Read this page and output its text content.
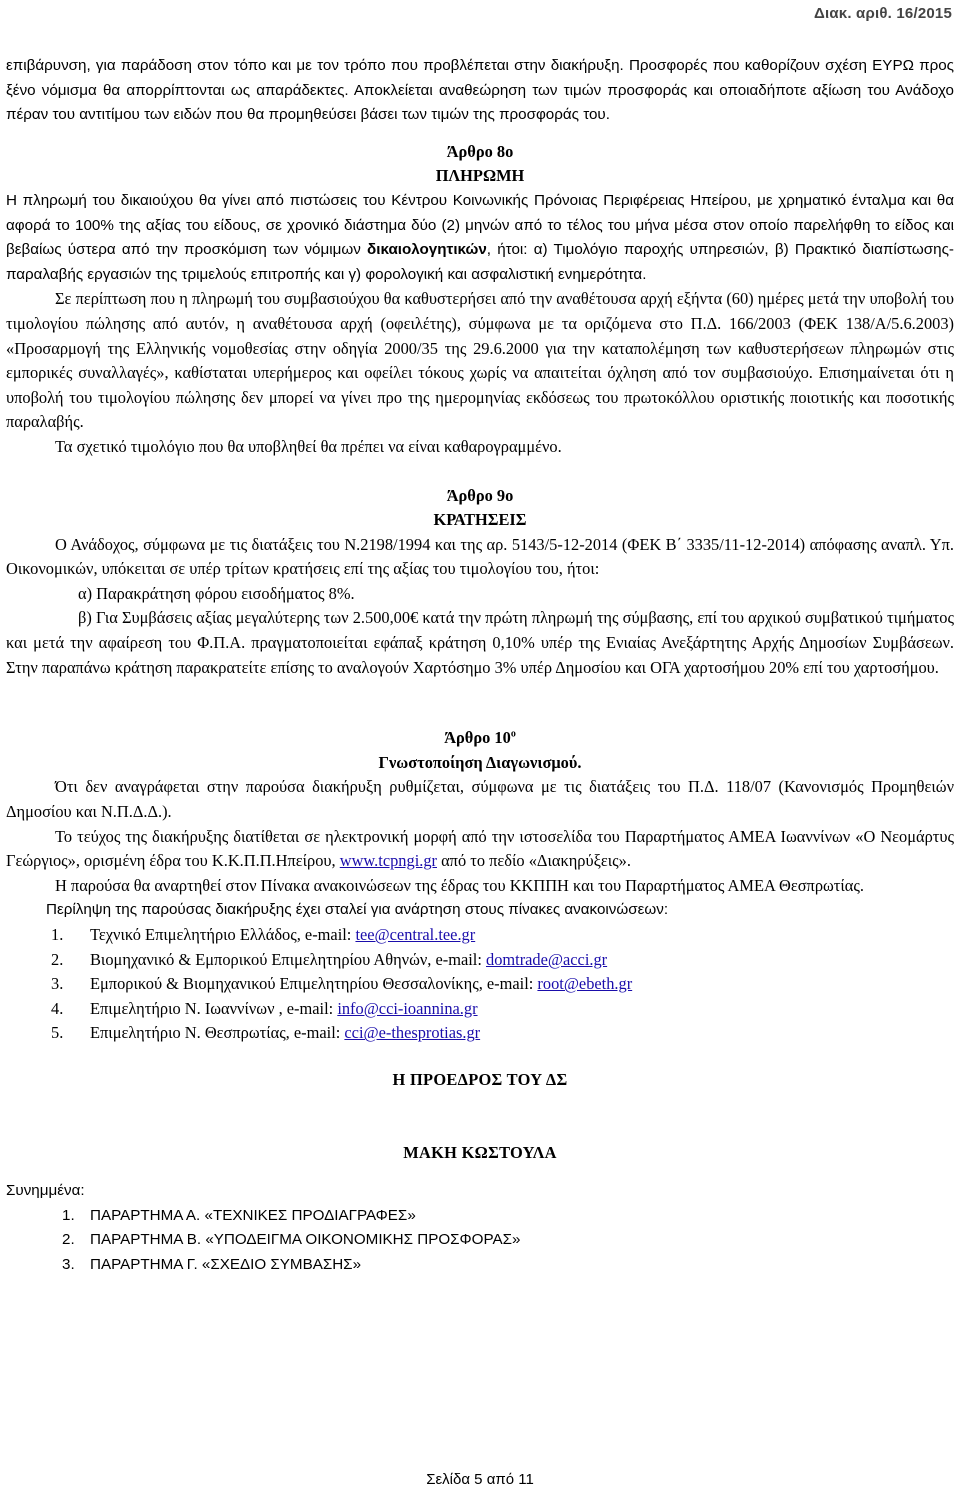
Διακ. αριθ. 16/2015

επιβάρυνση, για παράδοση στον τόπο και με τον τρόπο που προβλέπεται στην διακήρυξη. Προσφορές που καθορίζουν σχέση ΕΥΡΩ προς ξένο νόμισμα θα απορρίπτονται ως απαράδεκτες. Αποκλείεται αναθεώρηση των τιμών προσφοράς και οποιαδήποτε αξίωση του Ανάδοχο πέραν του αντιτίμου των ειδών που θα προμηθεύσει βάσει των τιμών της προσφοράς του.

Άρθρο 8ο

ΠΛΗΡΩΜΗ

Η πληρωμή του δικαιούχου θα γίνει από πιστώσεις του Κέντρου Κοινωνικής Πρόνοιας Περιφέρειας Ηπείρου, με χρηματικό ένταλμα και θα αφορά το 100% της αξίας του είδους, σε χρονικό διάστημα δύο (2) μηνών από το τέλος του μήνα μέσα στον οποίο παρελήφθη το είδος και βεβαίως ύστερα από την προσκόμιση των νόμιμων δικαιολογητικών, ήτοι: α) Τιμολόγιο παροχής υπηρεσιών, β) Πρακτικό διαπίστωσης- παραλαβής εργασιών της τριμελούς επιτροπής και γ) φορολογική και ασφαλιστική ενημερότητα.

Σε περίπτωση που η πληρωμή του συμβασιούχου θα καθυστερήσει από την αναθέτουσα αρχή εξήντα (60) ημέρες μετά την υποβολή του τιμολογίου πώλησης από αυτόν, η αναθέτουσα αρχή (οφειλέτης), σύμφωνα με τα οριζόμενα στο Π.Δ. 166/2003 (ΦΕΚ 138/Α/5.6.2003) «Προσαρμογή της Ελληνικής νομοθεσίας στην οδηγία 2000/35 της 29.6.2000 για την καταπολέμηση των καθυστερήσεων πληρωμών στις εμπορικές συναλλαγές», καθίσταται υπερήμερος και οφείλει τόκους χωρίς να απαιτείται όχληση από τον συμβασιούχο. Επισημαίνεται ότι η υποβολή του τιμολογίου πώλησης δεν μπορεί να γίνει προ της ημερομηνίας εκδόσεως του πρωτοκόλλου οριστικής ποιοτικής και ποσοτικής παραλαβής.

Τα σχετικό τιμολόγιο που θα υποβληθεί θα πρέπει να είναι καθαρογραμμένο.

Άρθρο 9ο

ΚΡΑΤΗΣΕΙΣ

Ο Ανάδοχος, σύμφωνα με τις διατάξεις του Ν.2198/1994 και της αρ. 5143/5-12-2014 (ΦΕΚ Β΄ 3335/11-12-2014) απόφασης αναπλ. Υπ. Οικονομικών, υπόκειται σε υπέρ τρίτων κρατήσεις επί της αξίας του τιμολογίου του, ήτοι:

α) Παρακράτηση φόρου εισοδήματος 8%.

β) Για Συμβάσεις αξίας μεγαλύτερης των 2.500,00€ κατά την πρώτη πληρωμή της σύμβασης, επί του αρχικού συμβατικού τιμήματος και μετά την αφαίρεση του Φ.Π.Α. πραγματοποιείται εφάπαξ κράτηση 0,10% υπέρ της Ενιαίας Ανεξάρτητης Αρχής Δημοσίων Συμβάσεων. Στην παραπάνω κράτηση παρακρατείτε επίσης το αναλογούν Χαρτόσημο 3% υπέρ Δημοσίου και ΟΓΑ χαρτοσήμου 20% επί του χαρτοσήμου.

Άρθρο $10^o$

Γνωστοποίηση Διαγωνισμού.

Ότι δεν αναγράφεται στην παρούσα διακήρυξη ρυθμίζεται, σύμφωνα με τις διατάξεις του Π.Δ. 118/07 (Κανονισμός Προμηθειών Δημοσίου και Ν.Π.Δ.Δ.).

Το τεύχος της διακήρυξης διατίθεται σε ηλεκτρονική μορφή από την ιστοσελίδα του Παραρτήματος ΑΜΕΑ Ιωαννίνων «Ο Νεομάρτυς Γεώργιος», ορισμένη έδρα του Κ.Κ.Π.Π.Ηπείρου, www.tcpngi.gr από το πεδίο «Διακηρύξεις».

Η παρούσα θα αναρτηθεί στον Πίνακα ανακοινώσεων της έδρας του ΚΚΠΠΗ και του Παραρτήματος ΑΜΕΑ Θεσπρωτίας.

Περίληψη της παρούσας διακήρυξης έχει σταλεί για ανάρτηση στους πίνακες ανακοινώσεων:

1. Τεχνικό Επιμελητήριο Ελλάδος, e-mail: tee@central.tee.gr
2. Βιομηχανικό & Εμπορικού Επιμελητηρίου Αθηνών, e-mail: domtrade@acci.gr
3. Εμπορικού & Βιομηχανικού Επιμελητηρίου Θεσσαλονίκης, e-mail: root@ebeth.gr
4. Επιμελητήριο Ν. Ιωαννίνων , e-mail: info@cci-ioannina.gr
5. Επιμελητήριο Ν. Θεσπρωτίας, e-mail: cci@e-thesprotias.gr

Η ΠΡΟΕΔΡΟΣ ΤΟΥ ΔΣ

ΜΑΚΗ ΚΩΣΤΟΥΛΑ

Συνημμένα:

1. ΠΑΡΑΡΤΗΜΑ Α. «ΤΕΧΝΙΚΕΣ ΠΡΟΔΙΑΓΡΑΦΕΣ»
2. ΠΑΡΑΡΤΗΜΑ Β. «ΥΠΟΔΕΙΓΜΑ ΟΙΚΟΝΟΜΙΚΗΣ ΠΡΟΣΦΟΡΑΣ»
3. ΠΑΡΑΡΤΗΜΑ Γ. «ΣΧΕΔΙΟ ΣΥΜΒΑΣΗΣ»
Σελίδα 5 από 11
